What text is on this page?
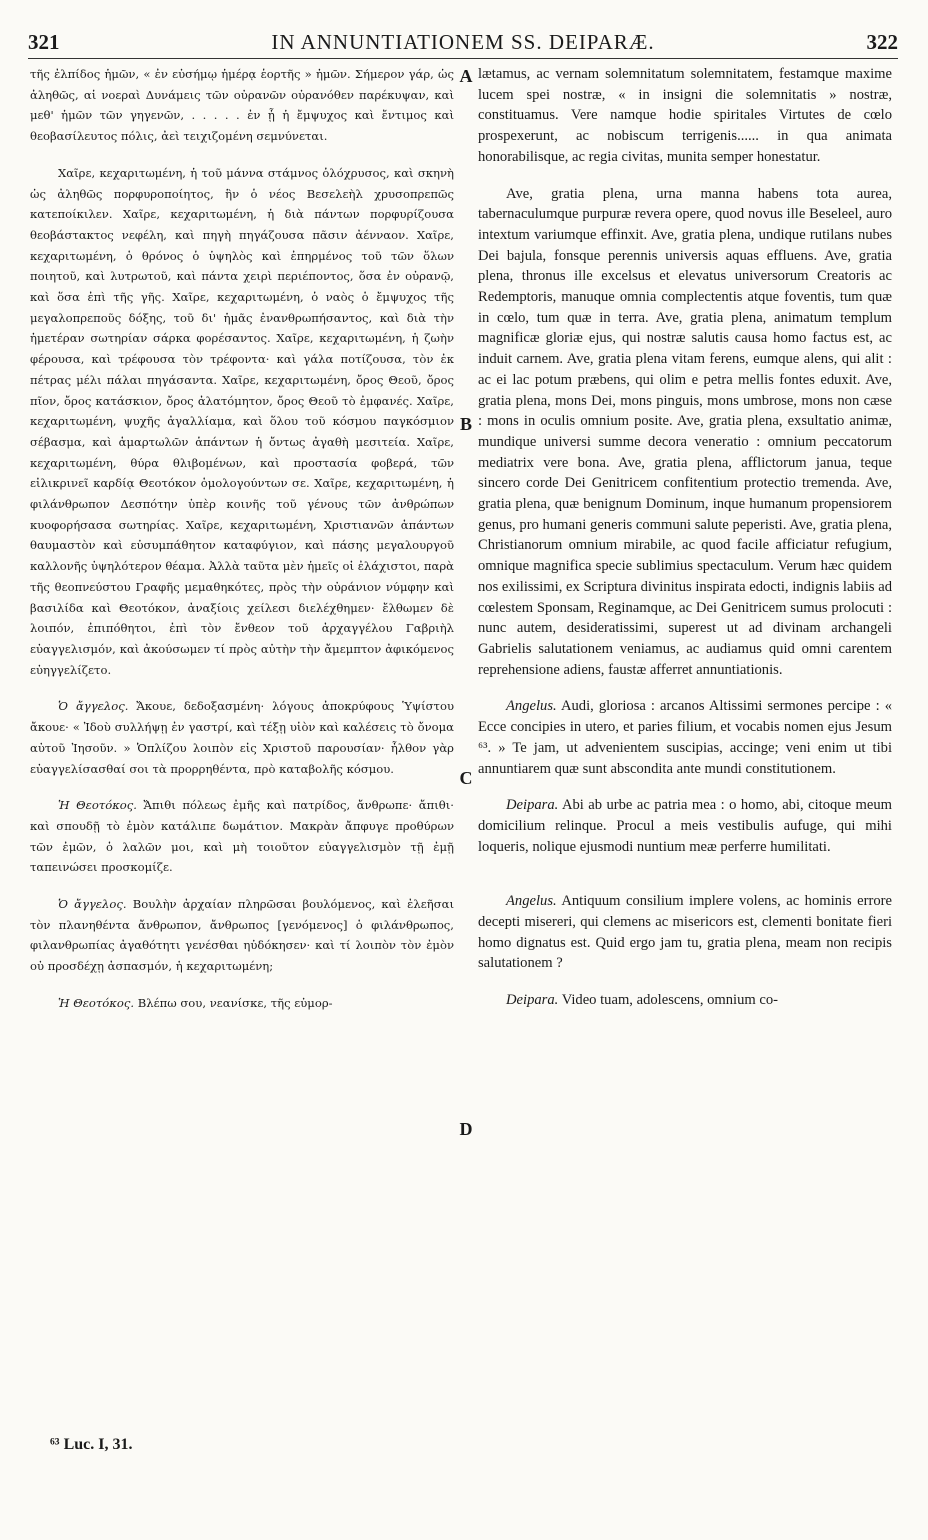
321	IN ANNUNTIATIONEM SS. DEIPARÆ.	322
A
B
C
D

τῆς ἐλπίδος ἡμῶν, « ἐν εὐσήμῳ ἡμέρᾳ ἑορτῆς » ἡμῶν. Σήμερον γάρ, ὡς ἀληθῶς, αἱ νοεραὶ Δυνάμεις τῶν οὐρανῶν οὐρανόθεν παρέκυψαν, καὶ μεθ' ἡμῶν τῶν γηγενῶν, . . . . . ἐν ᾗ ἡ ἔμψυχος καὶ ἔντιμος καὶ θεοβασίλευτος πόλις, ἀεὶ τειχιζομένη σεμνύνεται.

Χαῖρε, κεχαριτωμένη, ἡ τοῦ μάννα στάμνος ὁλόχρυσος, καὶ σκηνὴ ὡς ἀληθῶς πορφυροποίητος, ἣν ὁ νέος Βεσελεὴλ χρυσοπρεπῶς κατεποίκιλεν. Χαῖρε, κεχαριτωμένη, ἡ διὰ πάντων πορφυρίζουσα θεοβάστακτος νεφέλη, καὶ πηγὴ πηγάζουσα πᾶσιν ἀένναον. Χαῖρε, κεχαριτωμένη, ὁ θρόνος ὁ ὑψηλὸς καὶ ἐπηρμένος τοῦ τῶν ὅλων ποιητοῦ, καὶ λυτρωτοῦ, καὶ πάντα χειρὶ περιέποντος, ὅσα ἐν οὐρανῷ, καὶ ὅσα ἐπὶ τῆς γῆς. Χαῖρε, κεχαριτωμένη, ὁ ναὸς ὁ ἔμψυχος τῆς μεγαλοπρεποῦς δόξης, τοῦ δι' ἡμᾶς ἐνανθρωπήσαντος, καὶ διὰ τὴν ἡμετέραν σωτηρίαν σάρκα φορέσαντος. Χαῖρε, κεχαριτωμένη, ἡ ζωὴν φέρουσα, καὶ τρέφουσα τὸν τρέφοντα· καὶ γάλα ποτίζουσα, τὸν ἐκ πέτρας μέλι πάλαι πηγάσαντα. Χαῖρε, κεχαριτωμένη, ὄρος Θεοῦ, ὄρος πῖον, ὄρος κατάσκιον, ὄρος ἀλατόμητον, ὄρος Θεοῦ τὸ ἐμφανές. Χαῖρε, κεχαριτωμένη, ψυχῆς ἀγαλλίαμα, καὶ ὅλου τοῦ κόσμου παγκόσμιον σέβασμα, καὶ ἁμαρτωλῶν ἁπάντων ἡ ὄντως ἀγαθὴ μεσιτεία. Χαῖρε, κεχαριτωμένη, θύρα θλιβομένων, καὶ προστασία φοβερά, τῶν εἰλικρινεῖ καρδίᾳ Θεοτόκον ὁμολογούντων σε. Χαῖρε, κεχαριτωμένη, ἡ φιλάνθρωπον Δεσπότην ὑπὲρ κοινῆς τοῦ γένους τῶν ἀνθρώπων κυοφορήσασα σωτηρίας. Χαῖρε, κεχαριτωμένη, Χριστιανῶν ἁπάντων θαυμαστὸν καὶ εὐσυμπάθητον καταφύγιον, καὶ πάσης μεγαλουργοῦ καλλονῆς ὑψηλότερον θέαμα. Ἀλλὰ ταῦτα μὲν ἡμεῖς οἱ ἐλάχιστοι, παρὰ τῆς θεοπνεύστου Γραφῆς μεμαθηκότες, πρὸς τὴν οὐράνιον νύμφην καὶ βασιλίδα καὶ Θεοτόκον, ἀναξίοις χείλεσι διελέχθημεν· ἔλθωμεν δὲ λοιπόν, ἐπιπόθητοι, ἐπὶ τὸν ἔνθεον τοῦ ἀρχαγγέλου Γαβριὴλ εὐαγγελισμόν, καὶ ἀκούσωμεν τί πρὸς αὐτὴν τὴν ἄμεμπτον ἀφικόμενος εὐηγγελίζετο.

Ὁ ἄγγελος. Ἄκουε, δεδοξασμένη· λόγους ἀποκρύφους Ὑψίστου ἄκουε· « Ἰδοὺ συλλήψῃ ἐν γαστρί, καὶ τέξῃ υἱὸν καὶ καλέσεις τὸ ὄνομα αὐτοῦ Ἰησοῦν. » Ὁπλίζου λοιπὸν εἰς Χριστοῦ παρουσίαν· ἦλθον γὰρ εὐαγγελίσασθαί σοι τὰ προρρηθέντα, πρὸ καταβολῆς κόσμου.

Ἡ Θεοτόκος. Ἄπιθι πόλεως ἐμῆς καὶ πατρίδος, ἄνθρωπε· ἄπιθι· καὶ σπουδῇ τὸ ἐμὸν κατάλιπε δωμάτιον. Μακρὰν ἄπφυγε προθύρων τῶν ἐμῶν, ὁ λαλῶν μοι, καὶ μὴ τοιοῦτον εὐαγγελισμὸν τῇ ἐμῇ ταπεινώσει προσκομίζε.

Ὁ ἄγγελος. Βουλὴν ἀρχαίαν πληρῶσαι βουλόμενος, καὶ ἐλεῆσαι τὸν πλανηθέντα ἄνθρωπον, ἄνθρωπος [γενόμενος] ὁ φιλάνθρωπος, φιλανθρωπίας ἀγαθότητι γενέσθαι ηὐδόκησεν· καὶ τί λοιπὸν τὸν ἐμὸν οὐ προσδέχῃ ἀσπασμόν, ἡ κεχαριτωμένη;

Ἡ Θεοτόκος. Βλέπω σου, νεανίσκε, τῆς εὐμορ-

lætamus, ac vernam solemnitatum solemnitatem, festamque maxime lucem spei nostræ, « in insigni die solemnitatis » nostræ, constituamus. Vere namque hodie spiritales Virtutes de cœlo prospexerunt, ac nobiscum terrigenis...... in qua animata honorabilisque, ac regia civitas, munita semper honestatur.

Ave, gratia plena, urna manna habens tota aurea, tabernaculumque purpuræ revera opere, quod novus ille Beseleel, auro intextum variumque effinxit. Ave, gratia plena, undique rutilans nubes Dei bajula, fonsque perennis universis aquas effluens. Ave, gratia plena, thronus ille excelsus et elevatus universorum Creatoris ac Redemptoris, manuque omnia complectentis atque foventis, tum quæ in cœlo, tum quæ in terra. Ave, gratia plena, animatum templum magnificæ gloriæ ejus, qui nostræ salutis causa homo factus est, ac induit carnem. Ave, gratia plena vitam ferens, eumque alens, qui alit : ac ei lac potum præbens, qui olim e petra mellis fontes eduxit. Ave, gratia plena, mons Dei, mons pinguis, mons umbrose, mons non cæse : mons in oculis omnium posite. Ave, gratia plena, exsultatio animæ, mundique universi summe decora veneratio : omnium peccatorum mediatrix vere bona. Ave, gratia plena, afflictorum janua, teque sincero corde Dei Genitricem confitentium protectio tremenda. Ave, gratia plena, quæ benignum Dominum, inque humanum propensiorem genus, pro humani generis communi salute peperisti. Ave, gratia plena, Christianorum omnium mirabile, ac quod facile afficiatur refugium, omnique magnifica specie sublimius spectaculum. Verum hæc quidem nos exilissimi, ex Scriptura divinitus inspirata edocti, indignis labiis ad cœlestem Sponsam, Reginamque, ac Dei Genitricem sumus prolocuti : nunc autem, desideratissimi, superest ut ad divinam archangeli Gabrielis salutationem veniamus, ac audiamus quid omni carentem reprehensione adiens, faustæ afferret annuntiationis.

Angelus. Audi, gloriosa : arcanos Altissimi sermones percipe : « Ecce concipies in utero, et paries filium, et vocabis nomen ejus Jesum ⁶³. » Te jam, ut advenientem suscipias, accinge; veni enim ut tibi annuntiarem quæ sunt abscondita ante mundi constitutionem.

Deipara. Abi ab urbe ac patria mea : o homo, abi, citoque meum domicilium relinque. Procul a meis vestibulis aufuge, qui mihi loqueris, nolique ejusmodi nuntium meæ perferre humilitati.

Angelus. Antiquum consilium implere volens, ac hominis errore decepti misereri, qui clemens ac misericors est, clementi bonitate fieri homo dignatus est. Quid ergo jam tu, gratia plena, meam non recipis salutationem ?

Deipara. Video tuam, adolescens, omnium co-

⁶³ Luc. I, 31.
